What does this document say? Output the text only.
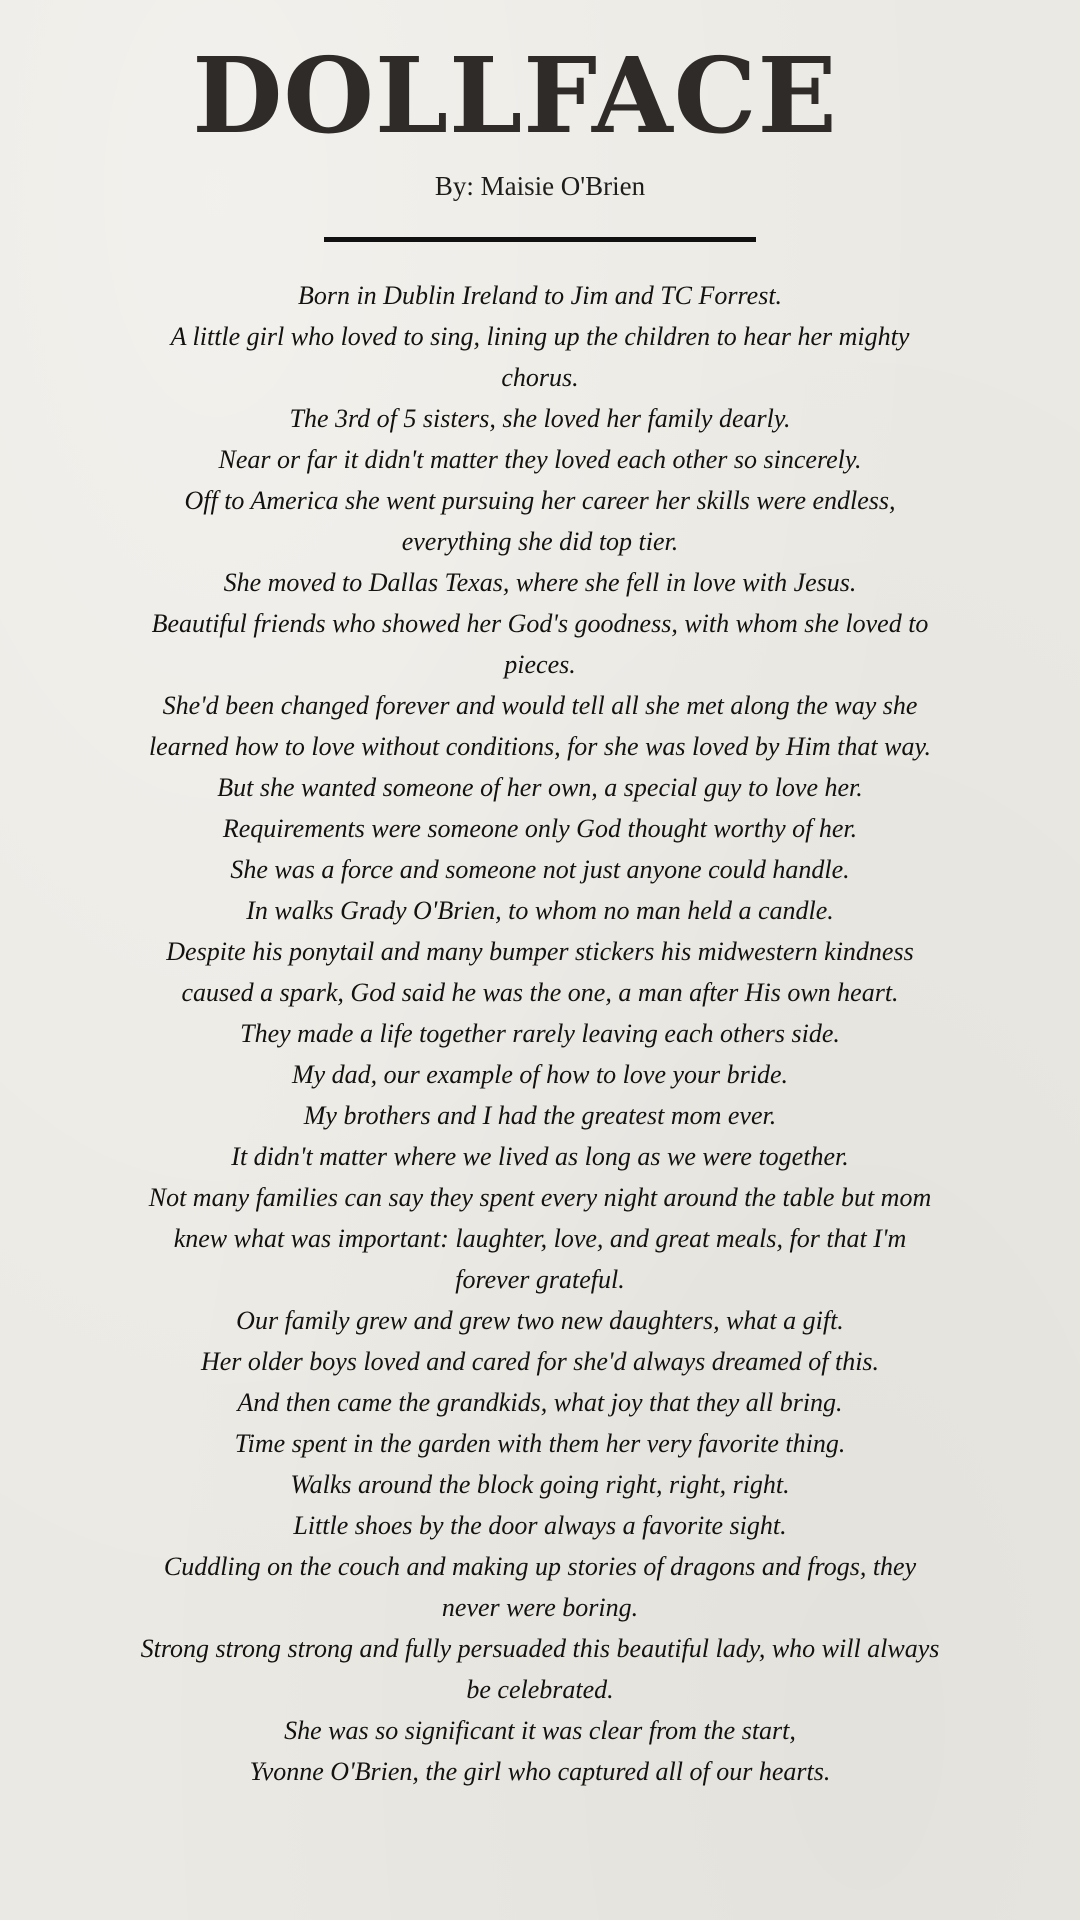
DOLLFACE

By: Maisie O'Brien

Born in Dublin Ireland to Jim and TC Forrest.
A little girl who loved to sing, lining up the children to hear her mighty chorus.
The 3rd of 5 sisters, she loved her family dearly.
Near or far it didn't matter they loved each other so sincerely.
Off to America she went pursuing her career her skills were endless, everything she did top tier.
She moved to Dallas Texas, where she fell in love with Jesus.
Beautiful friends who showed her God's goodness, with whom she loved to pieces.
She'd been changed forever and would tell all she met along the way she learned how to love without conditions, for she was loved by Him that way.
But she wanted someone of her own, a special guy to love her.
Requirements were someone only God thought worthy of her.
She was a force and someone not just anyone could handle.
In walks Grady O'Brien, to whom no man held a candle.
Despite his ponytail and many bumper stickers his midwestern kindness caused a spark, God said he was the one, a man after His own heart.
They made a life together rarely leaving each others side.
My dad, our example of how to love your bride.
My brothers and I had the greatest mom ever.
It didn't matter where we lived as long as we were together.
Not many families can say they spent every night around the table but mom knew what was important: laughter, love, and great meals, for that I'm forever grateful.
Our family grew and grew two new daughters, what a gift.
Her older boys loved and cared for she'd always dreamed of this.
And then came the grandkids, what joy that they all bring.
Time spent in the garden with them her very favorite thing.
Walks around the block going right, right, right.
Little shoes by the door always a favorite sight.
Cuddling on the couch and making up stories of dragons and frogs, they never were boring.
Strong strong strong and fully persuaded this beautiful lady, who will always be celebrated.
She was so significant it was clear from the start,
Yvonne O'Brien, the girl who captured all of our hearts.
